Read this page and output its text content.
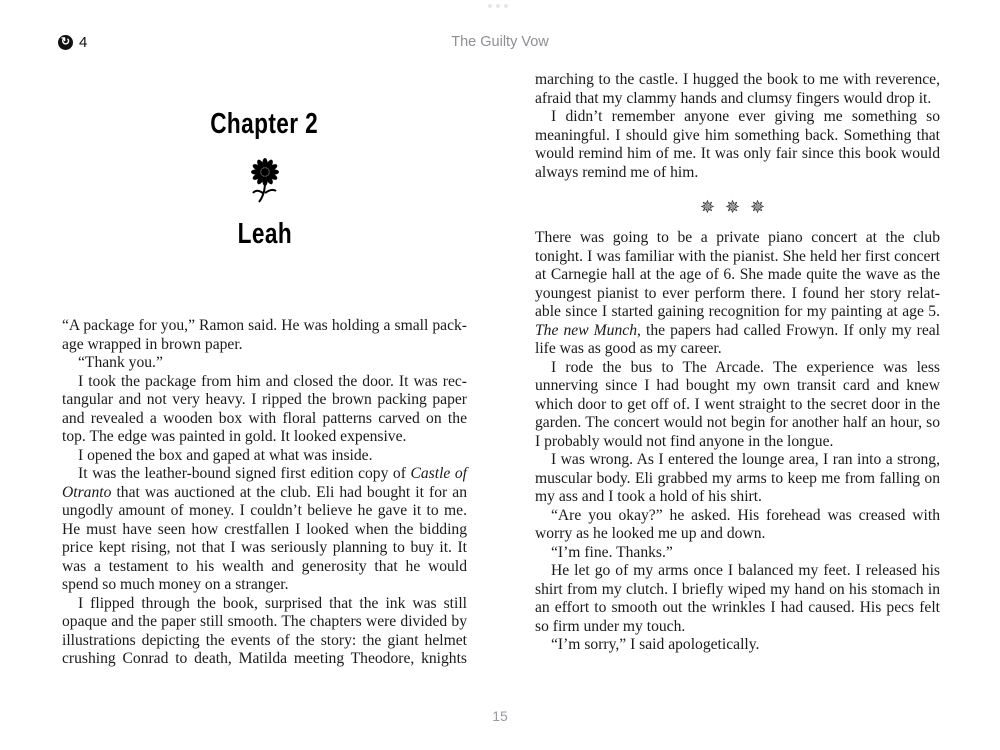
↻ 4	The Guilty Vow
Chapter 2
Leah
“A package for you,” Ramon said. He was holding a small pack-
age wrapped in brown paper.
“Thank you.”
I took the package from him and closed the door. It was rec-
tangular and not very heavy. I ripped the brown packing paper
and revealed a wooden box with floral patterns carved on the
top. The edge was painted in gold. It looked expensive.
I opened the box and gaped at what was inside.
It was the leather-bound signed first edition copy of Castle of
Otranto that was auctioned at the club. Eli had bought it for an
ungodly amount of money. I couldn’t believe he gave it to me.
He must have seen how crestfallen I looked when the bidding
price kept rising, not that I was seriously planning to buy it. It
was a testament to his wealth and generosity that he would
spend so much money on a stranger.
I flipped through the book, surprised that the ink was still
opaque and the paper still smooth. The chapters were divided by
illustrations depicting the events of the story: the giant helmet
crushing Conrad to death, Matilda meeting Theodore, knights
marching to the castle. I hugged the book to me with reverence,
afraid that my clammy hands and clumsy fingers would drop it.
I didn’t remember anyone ever giving me something so
meaningful. I should give him something back. Something that
would remind him of me. It was only fair since this book would
always remind me of him.
✵✵✵
There was going to be a private piano concert at the club
tonight. I was familiar with the pianist. She held her first concert
at Carnegie hall at the age of 6. She made quite the wave as the
youngest pianist to ever perform there. I found her story relat-
able since I started gaining recognition for my painting at age 5.
The new Munch, the papers had called Frowyn. If only my real
life was as good as my career.
I rode the bus to The Arcade. The experience was less
unnerving since I had bought my own transit card and knew
which door to get off of. I went straight to the secret door in the
garden. The concert would not begin for another half an hour, so
I probably would not find anyone in the longue.
I was wrong. As I entered the lounge area, I ran into a strong,
muscular body. Eli grabbed my arms to keep me from falling on
my ass and I took a hold of his shirt.
“Are you okay?” he asked. His forehead was creased with
worry as he looked me up and down.
“I’m fine. Thanks.”
He let go of my arms once I balanced my feet. I released his
shirt from my clutch. I briefly wiped my hand on his stomach in
an effort to smooth out the wrinkles I had caused. His pecs felt
so firm under my touch.
“I’m sorry,” I said apologetically.
15
